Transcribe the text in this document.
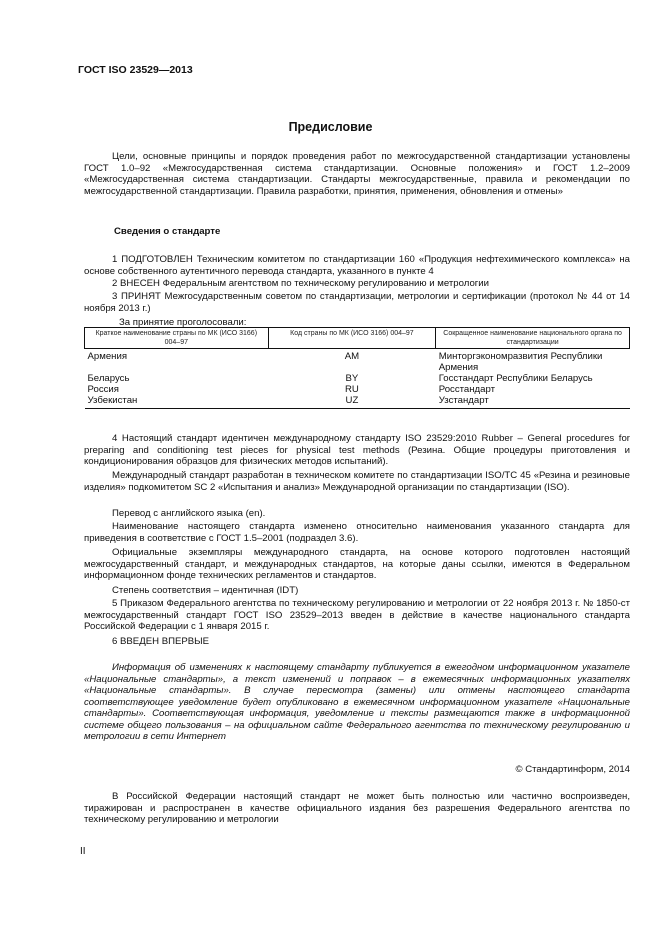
ГОСТ ISO 23529—2013
Предисловие
Цели, основные принципы и порядок проведения работ по межгосударственной стандартизации установлены ГОСТ 1.0–92 «Межгосударственная система стандартизации. Основные положения» и ГОСТ 1.2–2009 «Межгосударственная система стандартизации. Стандарты межгосударственные, правила и рекомендации по межгосударственной стандартизации. Правила разработки, принятия, применения, обновления и отмены»
Сведения о стандарте
1 ПОДГОТОВЛЕН Техническим комитетом по стандартизации 160 «Продукция нефтехимического комплекса» на основе собственного аутентичного перевода стандарта, указанного в пункте 4
2 ВНЕСЕН Федеральным агентством по техническому регулированию и метрологии
3 ПРИНЯТ Межгосударственным советом по стандартизации, метрологии и сертификации (протокол № 44 от 14 ноября 2013 г.)
За принятие проголосовали:
Краткое наименование страны по МК (ИСО 3166) 004–97	Код страны по МК (ИСО 3166) 004–97	Сокращенное наименование национального органа по стандартизации
Армения	AM	Минторгэкономразвития Республики Армения
Беларусь	BY	Госстандарт Республики Беларусь
Россия	RU	Росстандарт
Узбекистан	UZ	Узстандарт
4 Настоящий стандарт идентичен международному стандарту ISO 23529:2010 Rubber – General procedures for preparing and conditioning test pieces for physical test methods (Резина. Общие процедуры приготовления и кондиционирования образцов для физических методов испытаний).
Международный стандарт разработан в техническом комитете по стандартизации ISO/TC 45 «Резина и резиновые изделия» подкомитетом SC 2 «Испытания и анализ» Международной организации по стандартизации (ISO).
Перевод с английского языка (en).
Наименование настоящего стандарта изменено относительно наименования указанного стандарта для приведения в соответствие с ГОСТ 1.5–2001 (подраздел 3.6).
Официальные экземпляры международного стандарта, на основе которого подготовлен настоящий межгосударственный стандарт, и международных стандартов, на которые даны ссылки, имеются в Федеральном информационном фонде технических регламентов и стандартов.
Степень соответствия – идентичная (IDT)
5 Приказом Федерального агентства по техническому регулированию и метрологии от 22 ноября 2013 г. № 1850-ст межгосударственный стандарт ГОСТ ISO 23529–2013 введен в действие в качестве национального стандарта Российской Федерации с 1 января 2015 г.
6 ВВЕДЕН ВПЕРВЫЕ
Информация об изменениях к настоящему стандарту публикуется в ежегодном информационном указателе «Национальные стандарты», а текст изменений и поправок – в ежемесячных информационных указателях «Национальные стандарты». В случае пересмотра (замены) или отмены настоящего стандарта соответствующее уведомление будет опубликовано в ежемесячном информационном указателе «Национальные стандарты». Соответствующая информация, уведомление и тексты размещаются также в информационной системе общего пользования – на официальном сайте Федерального агентства по техническому регулированию и метрологии в сети Интернет
© Стандартинформ, 2014
В Российской Федерации настоящий стандарт не может быть полностью или частично воспроизведен, тиражирован и распространен в качестве официального издания без разрешения Федерального агентства по техническому регулированию и метрологии
II
